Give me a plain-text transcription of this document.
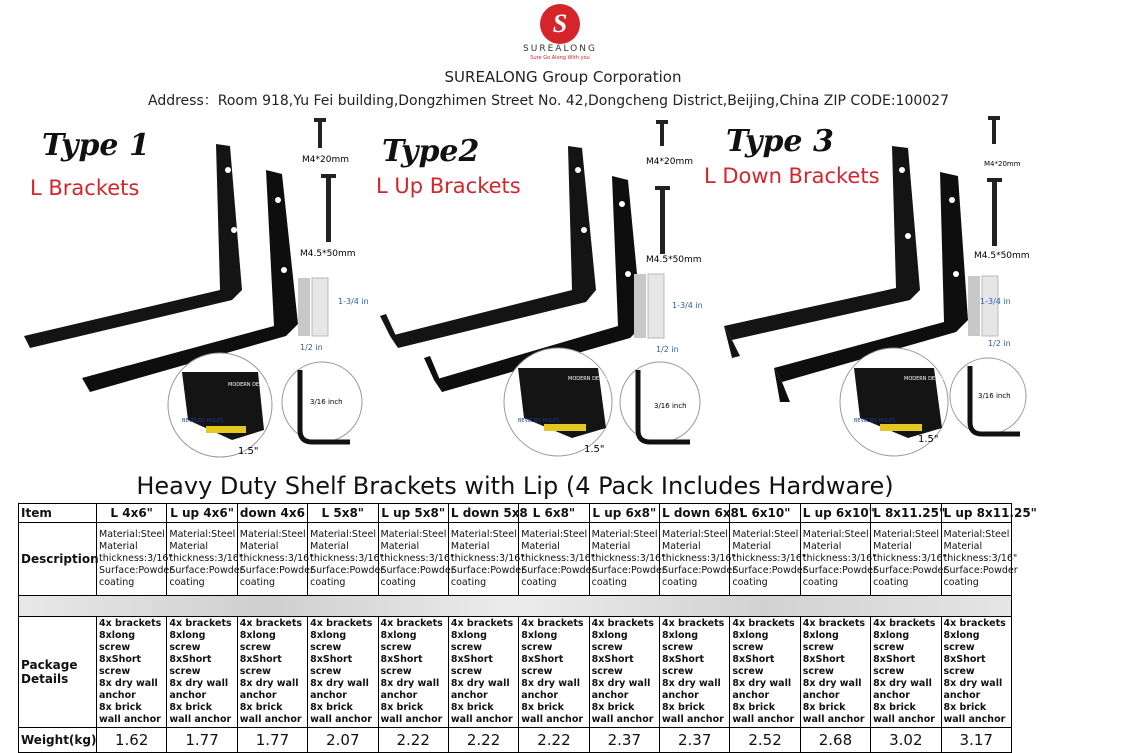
S
SUREALONG
Sure Go Along With you
SUREALONG Group Corporation
Address：Room 918,Yu Fei building,Dongzhimen Street No. 42,Dongcheng District,Beijing,China ZIP CODE:100027
Type 1
L Brackets
M4*20mm
M4.5*50mm
1-3/4 in
1/2 in
MODERN DESIGN
BEVELED HOLES
1.5"
3/16 inch
Type2
L Up Brackets
M4*20mm
M4.5*50mm
1-3/4 in
1/2 in
MODERN DESIGN
BEVELED HOLES
1.5"
3/16 inch
Type 3
L Down Brackets	M4*20mm
M4.5*50mm
1-3/4 in
1/2 in
MODERN DESIGN
BEVELED HOLES
1.5"
3/16 inch
Heavy Duty Shelf Brackets with Lip (4 Pack Includes Hardware)
Item	L 4x6"	L up 4x6"	down 4x6	L 5x8"	L up 5x8"	L down 5x8	L 6x8"	L up 6x8"	L down 6x8'	L 6x10"	L up 6x10"	L 8x11.25"	L up 8x11.25"
Description	Material:Steel Material thickness:3/16" Surface:Powder coating	Material:Steel Material thickness:3/16" Surface:Powder coating	Material:Steel Material thickness:3/16" Surface:Powder coating	Material:Steel Material thickness:3/16" Surface:Powder coating	Material:Steel Material thickness:3/16" Surface:Powder coating	Material:Steel Material thickness:3/16" Surface:Powder coating	Material:Steel Material thickness:3/16" Surface:Powder coating	Material:Steel Material thickness:3/16" Surface:Powder coating	Material:Steel Material thickness:3/16" Surface:Powder coating	Material:Steel Material thickness:3/16" Surface:Powder coating	Material:Steel Material thickness:3/16" Surface:Powder coating	Material:Steel Material thickness:3/16" Surface:Powder coating	Material:Steel Material thickness:3/16" Surface:Powder coating

Package Details	4x brackets
8xlong screw
8xShort screw
8x dry wall anchor
8x brick wall anchor	4x brackets
8xlong screw
8xShort screw
8x dry wall anchor
8x brick wall anchor	4x brackets
8xlong screw
8xShort screw
8x dry wall anchor
8x brick wall anchor	4x brackets
8xlong screw
8xShort screw
8x dry wall anchor
8x brick wall anchor	4x brackets
8xlong screw
8xShort screw
8x dry wall anchor
8x brick wall anchor	4x brackets
8xlong screw
8xShort screw
8x dry wall anchor
8x brick wall anchor	4x brackets
8xlong screw
8xShort screw
8x dry wall anchor
8x brick wall anchor	4x brackets
8xlong screw
8xShort screw
8x dry wall anchor
8x brick wall anchor	4x brackets
8xlong screw
8xShort screw
8x dry wall anchor
8x brick wall anchor	4x brackets
8xlong screw
8xShort screw
8x dry wall anchor
8x brick wall anchor	4x brackets
8xlong screw
8xShort screw
8x dry wall anchor
8x brick wall anchor	4x brackets
8xlong screw
8xShort screw
8x dry wall anchor
8x brick wall anchor	4x brackets
8xlong screw
8xShort screw
8x dry wall anchor
8x brick wall anchor

Weight(kg)	1.62	1.77	1.77	2.07	2.22	2.22	2.22	2.37	2.37	2.52	2.68	3.02	3.17
